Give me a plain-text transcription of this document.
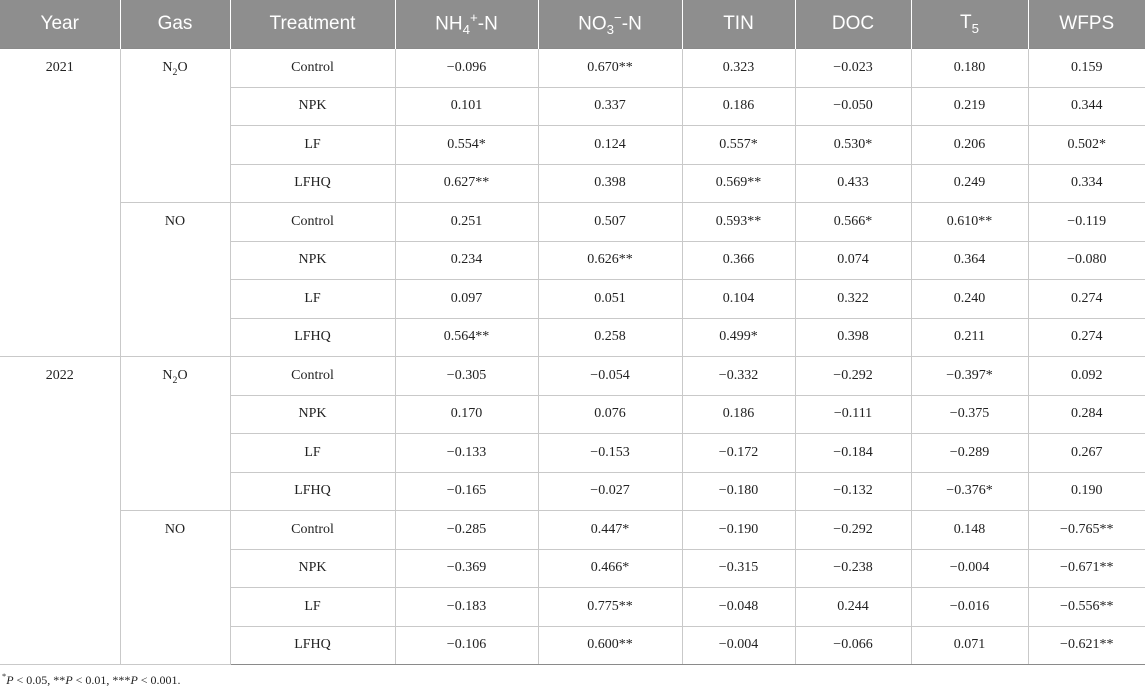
Year	Gas	Treatment	$NH_4^+-N$	$NO_3^--N$	TIN	DOC	$T_5$	WFPS
2021	$N_2O$	Control	−0.096	0.670**	0.323	−0.023	0.180	0.159
		NPK	0.101	0.337	0.186	−0.050	0.219	0.344
		LF	0.554*	0.124	0.557*	0.530*	0.206	0.502*
		LFHQ	0.627**	0.398	0.569**	0.433	0.249	0.334
	NO	Control	0.251	0.507	0.593**	0.566*	0.610**	−0.119
		NPK	0.234	0.626**	0.366	0.074	0.364	−0.080
		LF	0.097	0.051	0.104	0.322	0.240	0.274
		LFHQ	0.564**	0.258	0.499*	0.398	0.211	0.274
2022	$N_2O$	Control	−0.305	−0.054	−0.332	−0.292	−0.397*	0.092
		NPK	0.170	0.076	0.186	−0.111	−0.375	0.284
		LF	−0.133	−0.153	−0.172	−0.184	−0.289	0.267
		LFHQ	−0.165	−0.027	−0.180	−0.132	−0.376*	0.190
	NO	Control	−0.285	0.447*	−0.190	−0.292	0.148	−0.765**
		NPK	−0.369	0.466*	−0.315	−0.238	−0.004	−0.671**
		LF	−0.183	0.775**	−0.048	0.244	−0.016	−0.556**
		LFHQ	−0.106	0.600**	−0.004	−0.066	0.071	−0.621**
*P < 0.05, **P < 0.01, ***P < 0.001.
